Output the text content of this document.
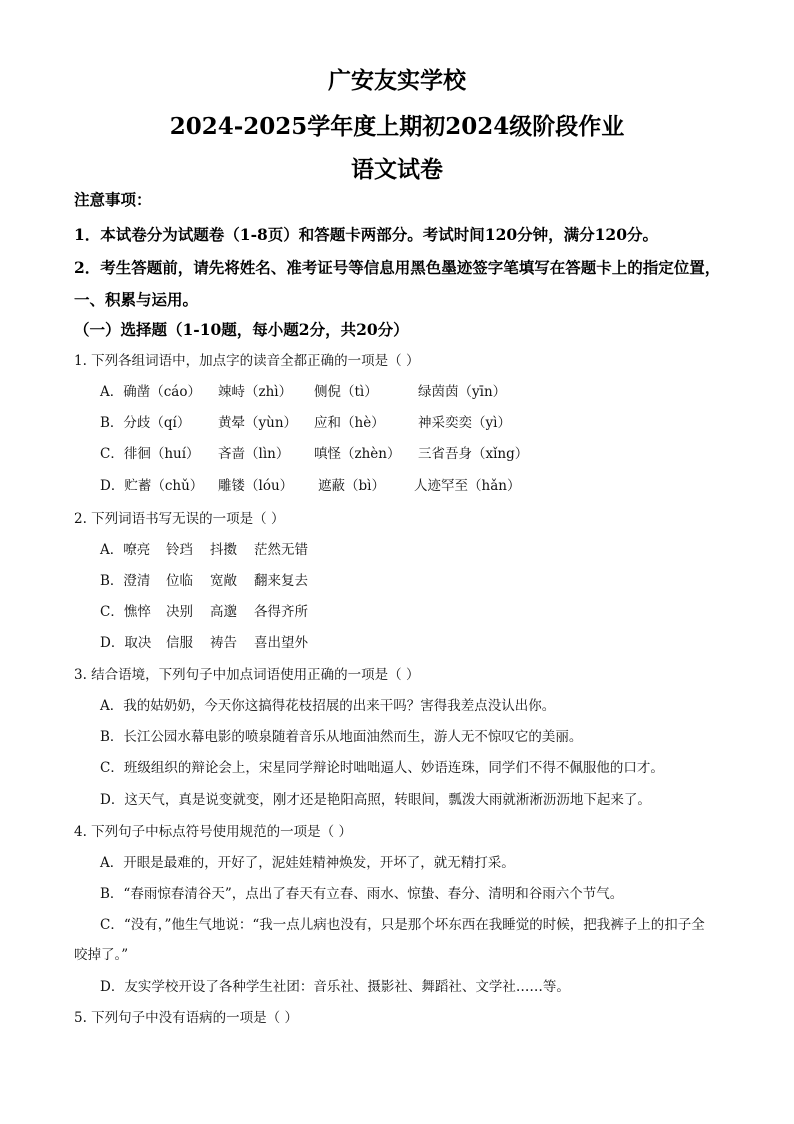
广安友实学校
2024-2025学年度上期初2024级阶段作业
语文试卷
注意事项：
1．本试卷分为试题卷（1-8页）和答题卡两部分。考试时间120分钟，满分120分。
2．考生答题前，请先将姓名、准考证号等信息用黑色墨迹签字笔填写在答题卡上的指定位置，
一、积累与运用。
（一）选择题（1-10题，每小题2分，共20分）
1. 下列各组词语中，加点字的读音全都正确的一项是（ ）
A．确凿（cáo） 竦峙（zhì） 侧倪（tì）	绿茵茵（yīn）
B．分歧（qí） 黄晕（yùn） 应和（hè） 神采奕奕（yì）
C．徘徊（huí） 吝啬（lìn） 嗔怪（zhèn） 三省吾身（xǐng）
D．贮蓄（chǔ） 雕镂（lóu） 遮蔽（bì） 人迹罕至（hǎn）
2. 下列词语书写无误的一项是（ ）
A．嘹亮 铃珰 抖擞 茫然无错
B．澄清 位临 宽敞 翻来复去
C．憔悴 决别 高邈 各得齐所
D．取决 信服 祷告 喜出望外
3. 结合语境，下列句子中加点词语使用正确的一项是（ ）
A．我的姑奶奶，今天你这搞得花枝招展的出来干吗？害得我差点没认出你。
B．长江公园水幕电影的喷泉随着音乐从地面油然而生，游人无不惊叹它的美丽。
C．班级组织的辩论会上，宋星同学辩论时咄咄逼人、妙语连珠，同学们不得不佩服他的口才。
D．这天气，真是说变就变，刚才还是艳阳高照，转眼间，瓢泼大雨就淅淅沥沥地下起来了。
4. 下列句子中标点符号使用规范的一项是（ ）
A．开眼是最难的，开好了，泥娃娃精神焕发，开坏了，就无精打采。
B．“春雨惊春清谷天”，点出了春天有立春、雨水、惊蛰、春分、清明和谷雨六个节气。
C．“没有，”他生气地说：“我一点儿病也没有，只是那个坏东西在我睡觉的时候，把我裤子上的扣子全
咬掉了。”
D．友实学校开设了各种学生社团：音乐社、摄影社、舞蹈社、文学社……等。
5. 下列句子中没有语病的一项是（ ）
